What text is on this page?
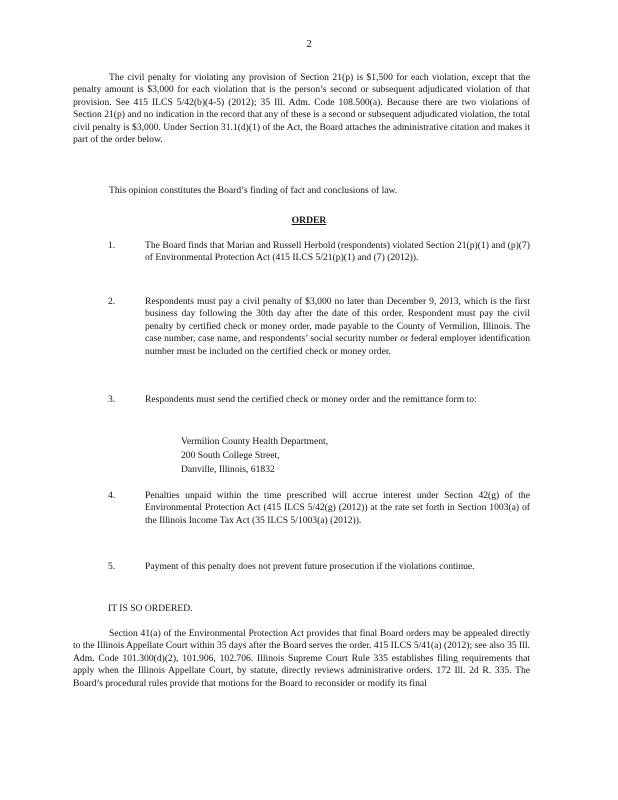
2
The civil penalty for violating any provision of Section 21(p) is $1,500 for each violation, except that the penalty amount is $3,000 for each violation that is the person’s second or subsequent adjudicated violation of that provision. See 415 ILCS 5/42(b)(4-5) (2012); 35 Ill. Adm. Code 108.500(a). Because there are two violations of Section 21(p) and no indication in the record that any of these is a second or subsequent adjudicated violation, the total civil penalty is $3,000. Under Section 31.1(d)(1) of the Act, the Board attaches the administrative citation and makes it part of the order below.
This opinion constitutes the Board’s finding of fact and conclusions of law.
ORDER
1.	The Board finds that Marian and Russell Herbold (respondents) violated Section 21(p)(1) and (p)(7) of Environmental Protection Act (415 ILCS 5/21(p)(1) and (7) (2012)).
2.	Respondents must pay a civil penalty of $3,000 no later than December 9, 2013, which is the first business day following the 30th day after the date of this order. Respondent must pay the civil penalty by certified check or money order, made payable to the County of Vermilion, Illinois. The case number, case name, and respondents’ social security number or federal employer identification number must be included on the certified check or money order.
3.	Respondents must send the certified check or money order and the remittance form to:
Vermilion County Health Department,
200 South College Street,
Danville, Illinois, 61832
4.	Penalties unpaid within the time prescribed will accrue interest under Section 42(g) of the Environmental Protection Act (415 ILCS 5/42(g) (2012)) at the rate set forth in Section 1003(a) of the Illinois Income Tax Act (35 ILCS 5/1003(a) (2012)).
5.	Payment of this penalty does not prevent future prosecution if the violations continue.
IT IS SO ORDERED.
Section 41(a) of the Environmental Protection Act provides that final Board orders may be appealed directly to the Illinois Appellate Court within 35 days after the Board serves the order. 415 ILCS 5/41(a) (2012); see also 35 Ill. Adm. Code 101.300(d)(2), 101.906, 102.706. Illinois Supreme Court Rule 335 establishes filing requirements that apply when the Illinois Appellate Court, by statute, directly reviews administrative orders. 172 Ill. 2d R. 335. The Board’s procedural rules provide that motions for the Board to reconsider or modify its final
